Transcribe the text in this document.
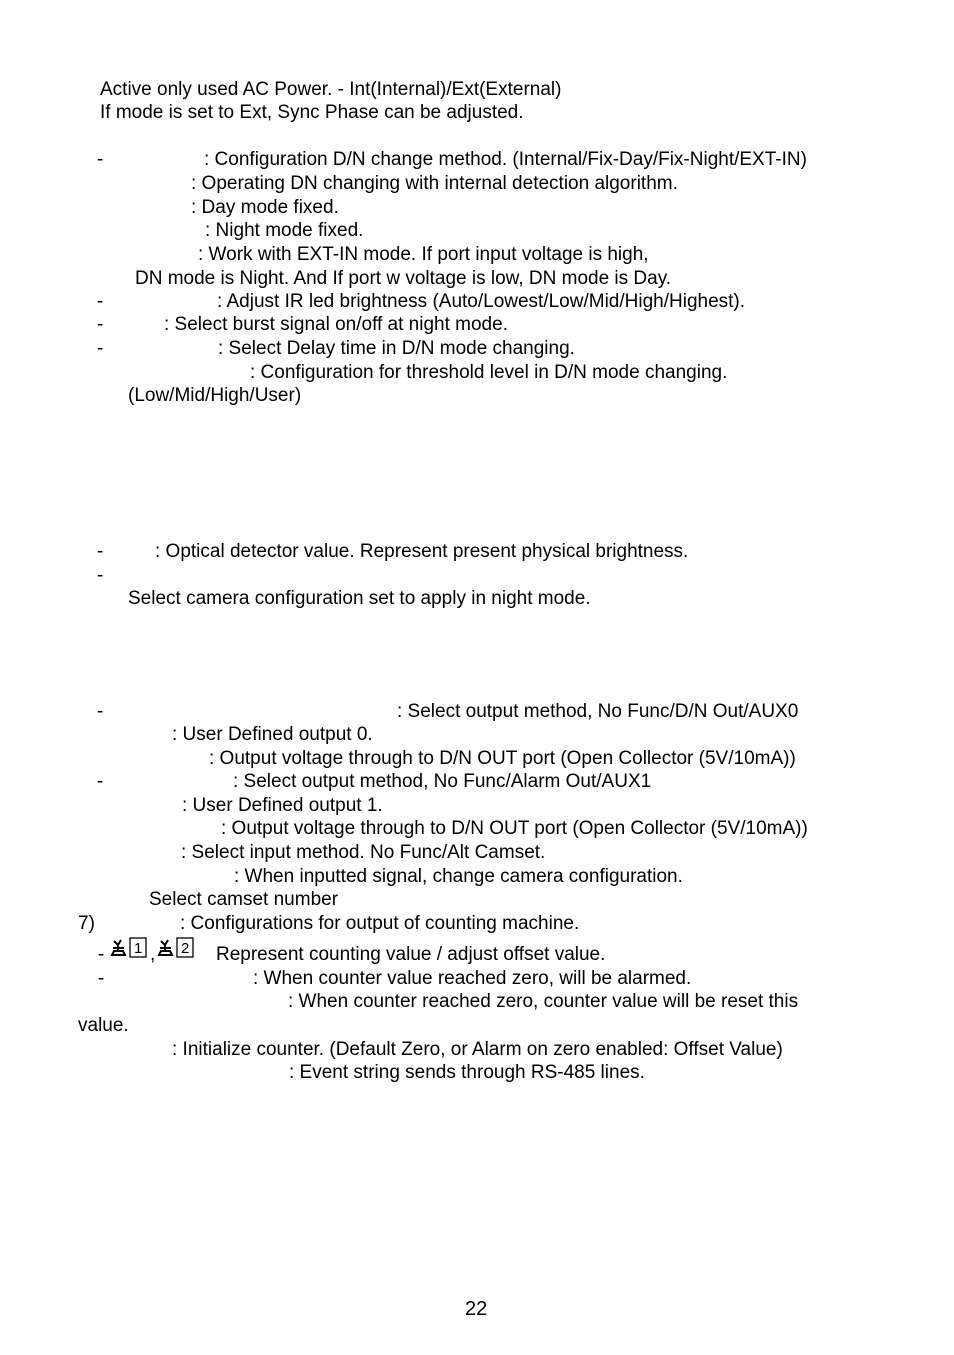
Active only used AC Power. - Int(Internal)/Ext(External)
If mode is set to Ext, Sync Phase can be adjusted.
-	: Configuration D/N change method. (Internal/Fix-Day/Fix-Night/EXT-IN)
: Operating DN changing with internal detection algorithm.
: Day mode fixed.
: Night mode fixed.
: Work with EXT-IN mode. If port input voltage is high,
DN mode is Night. And If port w voltage is low, DN mode is Day.
-	: Adjust IR led brightness (Auto/Lowest/Low/Mid/High/Highest).
-	: Select burst signal on/off at night mode.
-	: Select Delay time in D/N mode changing.
: Configuration for threshold level in D/N mode changing.
(Low/Mid/High/User)
-	: Optical detector value. Represent present physical brightness.
-
Select camera configuration set to apply in night mode.
-	: Select output method, No Func/D/N Out/AUX0
: User Defined output 0.
: Output voltage through to D/N OUT port (Open Collector (5V/10mA))
-	: Select output method, No Func/Alarm Out/AUX1
: User Defined output 1.
: Output voltage through to D/N OUT port (Open Collector (5V/10mA))
: Select input method. No Func/Alt Camset.
: When inputted signal, change camera configuration.
Select camset number
7)	: Configurations for output of counting machine.
- 1 , 2 Represent counting value / adjust offset value.
-	: When counter value reached zero, will be alarmed.
: When counter reached zero, counter value will be reset this
value.
: Initialize counter. (Default Zero, or Alarm on zero enabled: Offset Value)
: Event string sends through RS-485 lines.
22
